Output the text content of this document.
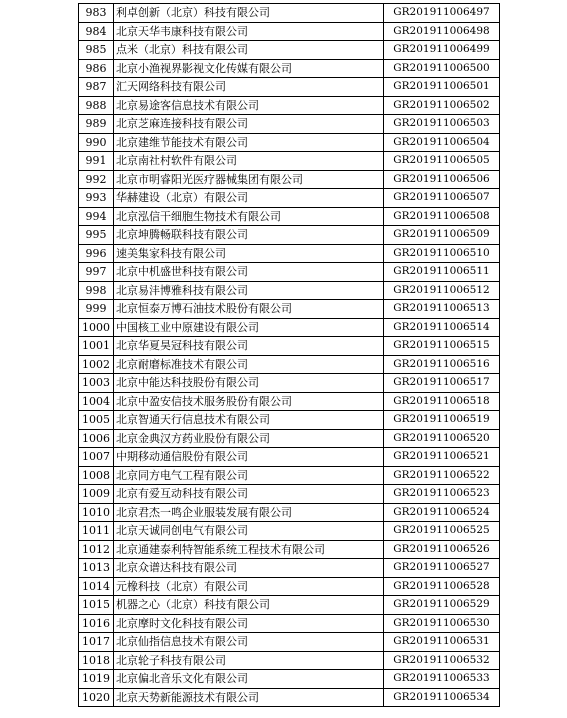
983	利卓创新（北京）科技有限公司	GR201911006497
984	北京天华韦康科技有限公司	GR201911006498
985	点米（北京）科技有限公司	GR201911006499
986	北京小渔视界影视文化传媒有限公司	GR201911006500
987	汇天网络科技有限公司	GR201911006501
988	北京易途客信息技术有限公司	GR201911006502
989	北京芝麻连接科技有限公司	GR201911006503
990	北京建维节能技术有限公司	GR201911006504
991	北京南社村软件有限公司	GR201911006505
992	北京市明睿阳光医疗器械集团有限公司	GR201911006506
993	华赫建设（北京）有限公司	GR201911006507
994	北京泓信干细胞生物技术有限公司	GR201911006508
995	北京坤腾畅联科技有限公司	GR201911006509
996	速美集家科技有限公司	GR201911006510
997	北京中机盛世科技有限公司	GR201911006511
998	北京易沣博雅科技有限公司	GR201911006512
999	北京恒泰万博石油技术股份有限公司	GR201911006513
1000	中国核工业中原建设有限公司	GR201911006514
1001	北京华夏昊冠科技有限公司	GR201911006515
1002	北京耐磨标准技术有限公司	GR201911006516
1003	北京中能达科技股份有限公司	GR201911006517
1004	北京中盈安信技术服务股份有限公司	GR201911006518
1005	北京智通天行信息技术有限公司	GR201911006519
1006	北京金典汉方药业股份有限公司	GR201911006520
1007	中期移动通信股份有限公司	GR201911006521
1008	北京同方电气工程有限公司	GR201911006522
1009	北京有爱互动科技有限公司	GR201911006523
1010	北京君杰一鸣企业服装发展有限公司	GR201911006524
1011	北京天诚同创电气有限公司	GR201911006525
1012	北京通建泰利特智能系统工程技术有限公司	GR201911006526
1013	北京众谱达科技有限公司	GR201911006527
1014	元橡科技（北京）有限公司	GR201911006528
1015	机器之心（北京）科技有限公司	GR201911006529
1016	北京摩时文化科技有限公司	GR201911006530
1017	北京仙指信息技术有限公司	GR201911006531
1018	北京轮子科技有限公司	GR201911006532
1019	北京偏北音乐文化有限公司	GR201911006533
1020	北京天势新能源技术有限公司	GR201911006534
